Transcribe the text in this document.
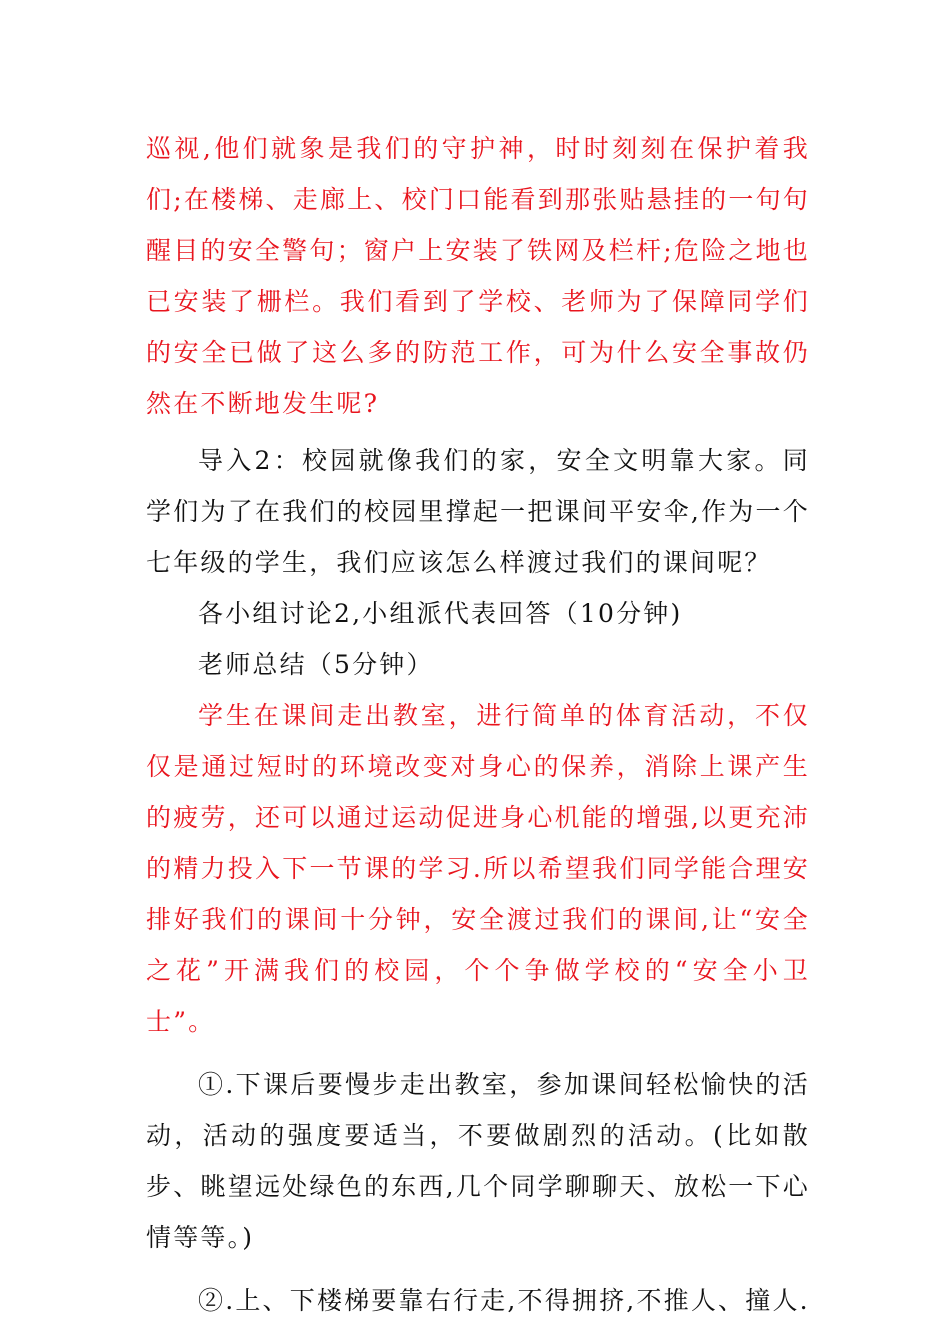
巡视,他们就象是我们的守护神，时时刻刻在保护着我们;在楼梯、走廊上、校门口能看到那张贴悬挂的一句句醒目的安全警句；窗户上安装了铁网及栏杆;危险之地也已安装了栅栏。我们看到了学校、老师为了保障同学们的安全已做了这么多的防范工作，可为什么安全事故仍然在不断地发生呢?

导入2：校园就像我们的家，安全文明靠大家。同学们为了在我们的校园里撑起一把课间平安伞,作为一个七年级的学生，我们应该怎么样渡过我们的课间呢？

各小组讨论2,小组派代表回答（10分钟)

老师总结（5分钟）

学生在课间走出教室，进行简单的体育活动，不仅仅是通过短时的环境改变对身心的保养，消除上课产生的疲劳，还可以通过运动促进身心机能的增强,以更充沛的精力投入下一节课的学习.所以希望我们同学能合理安排好我们的课间十分钟，安全渡过我们的课间,让“安全之花”开满我们的校园，个个争做学校的“安全小卫士”。

①.下课后要慢步走出教室，参加课间轻松愉快的活动，活动的强度要适当，不要做剧烈的活动。(比如散步、眺望远处绿色的东西,几个同学聊聊天、放松一下心情等等。)

②.上、下楼梯要靠右行走,不得拥挤,不推人、撞人.
